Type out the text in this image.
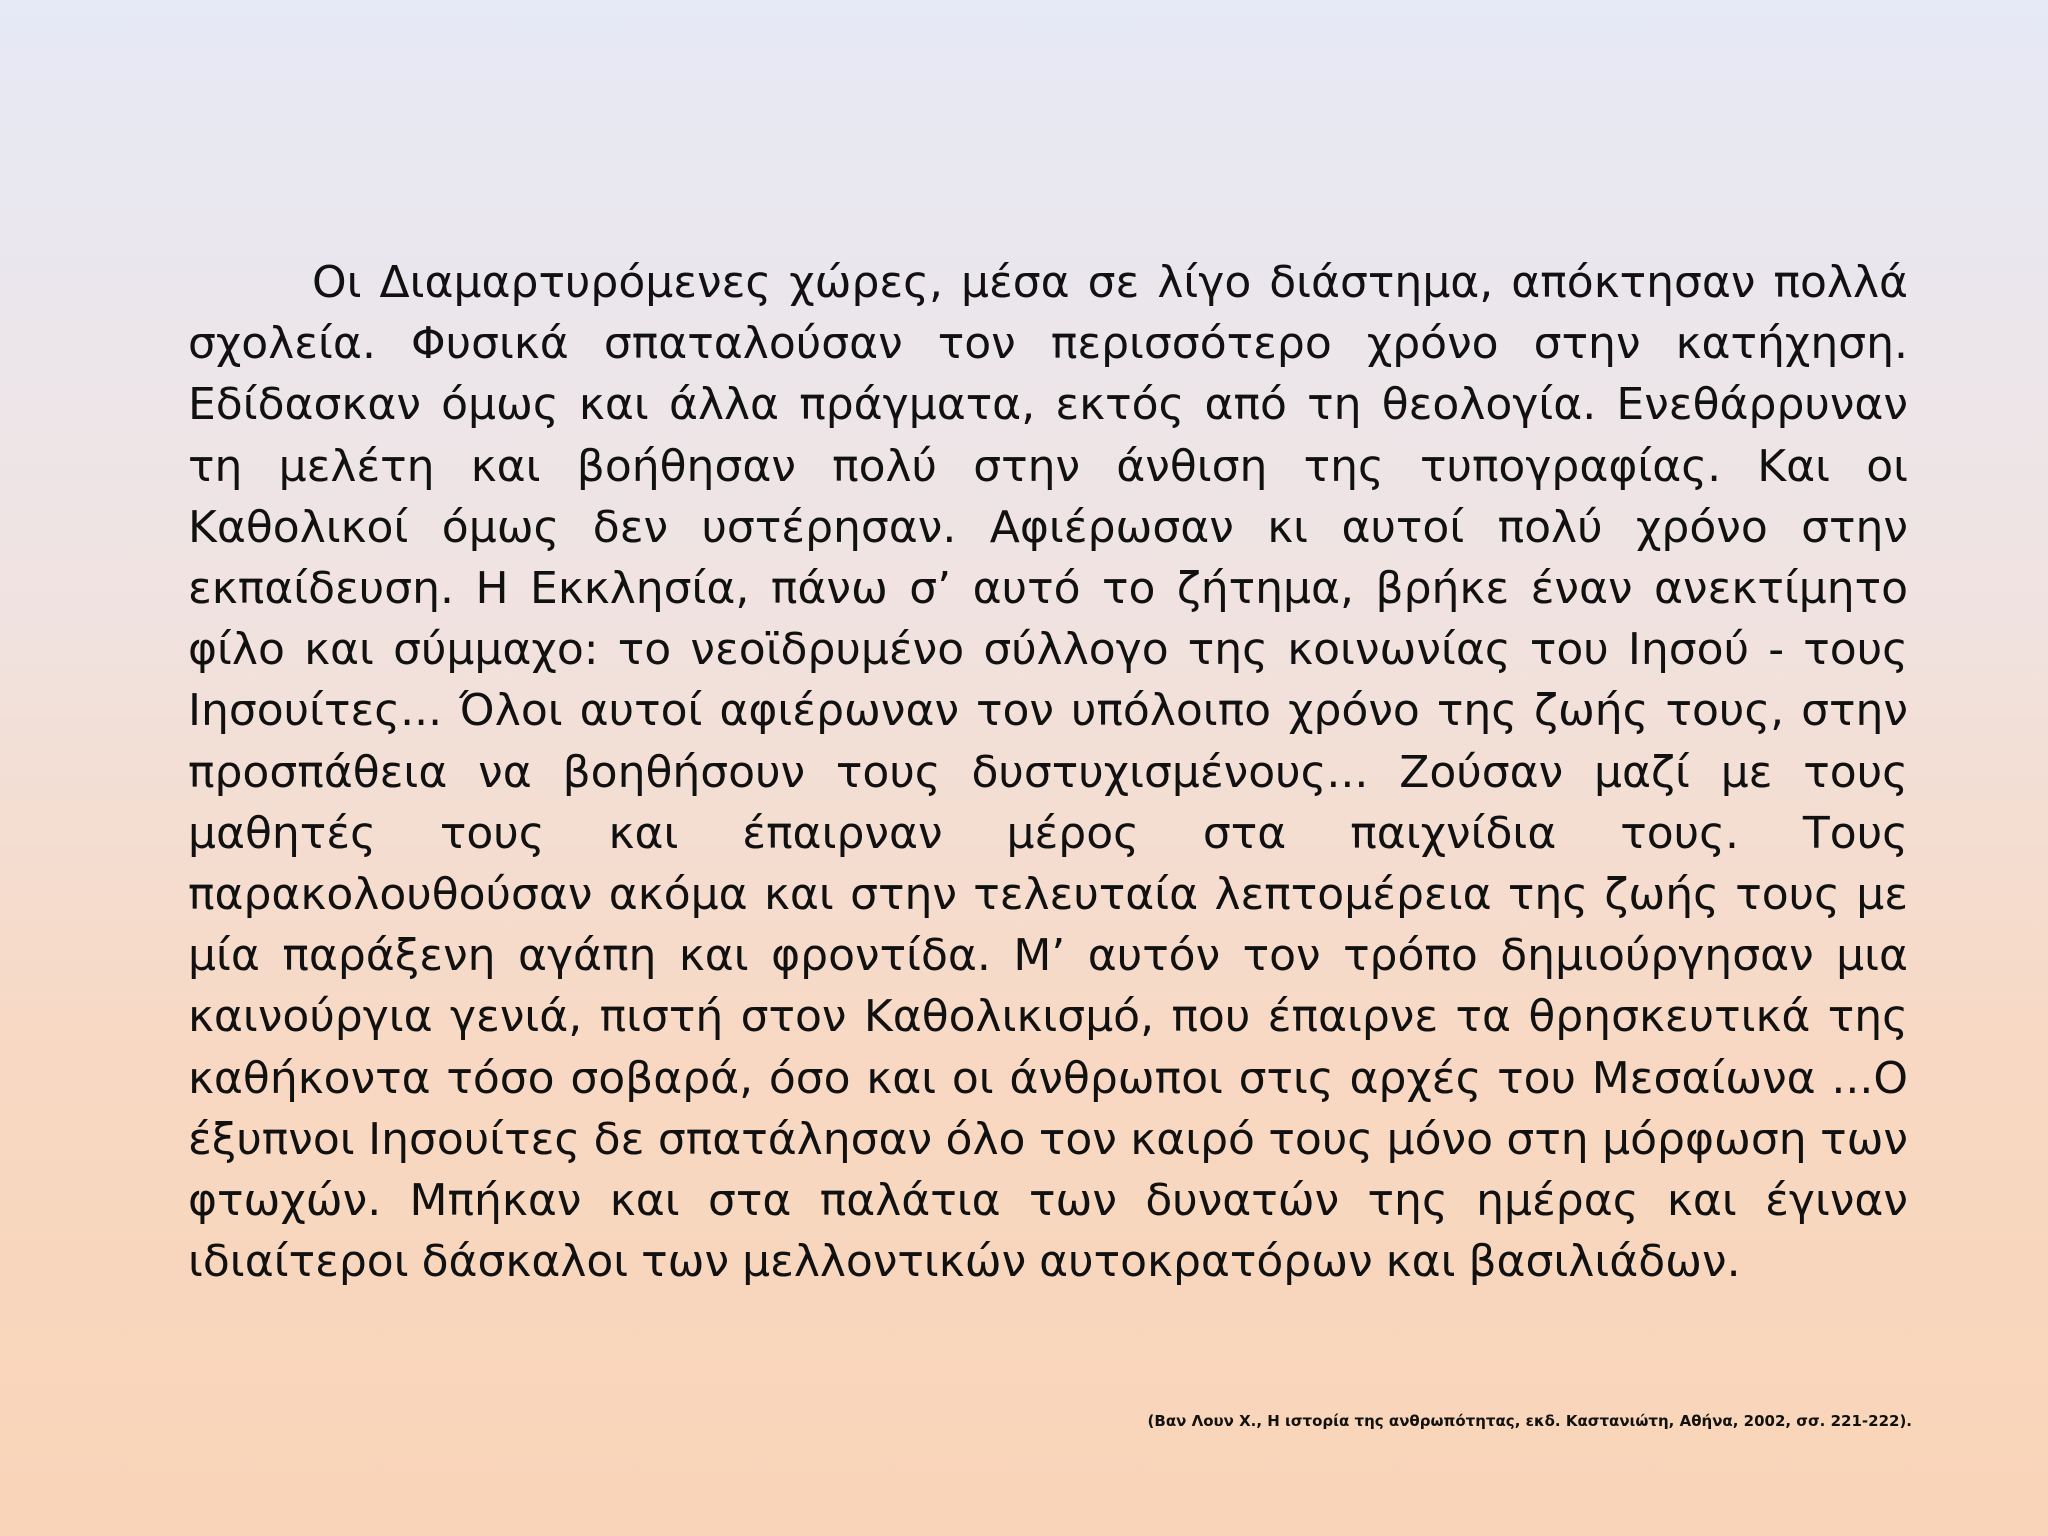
Οι Διαμαρτυρόμενες χώρες, μέσα σε λίγο διάστημα, απόκτησαν πολλά σχολεία. Φυσικά σπαταλούσαν τον περισσότερο χρόνο στην κατήχηση. Εδίδασκαν όμως και άλλα πράγματα, εκτός από τη θεολογία. Ενεθάρρυναν τη μελέτη και βοήθησαν πολύ στην άνθιση της τυπογραφίας. Και οι Καθολικοί όμως δεν υστέρησαν. Αφιέρωσαν κι αυτοί πολύ χρόνο στην εκπαίδευση. Η Εκκλησία, πάνω σ’ αυτό το ζήτημα, βρήκε έναν ανεκτίμητο φίλο και σύμμαχο: το νεοϊδρυμένο σύλλογο της κοινωνίας του Ιησού - τους Ιησουίτες... Όλοι αυτοί αφιέρωναν τον υπόλοιπο χρόνο της ζωής τους, στην προσπάθεια να βοηθήσουν τους δυστυχισμένους... Ζούσαν μαζί με τους μαθητές τους και έπαιρναν μέρος στα παιχνίδια τους. Τους παρακολουθούσαν ακόμα και στην τελευταία λεπτομέρεια της ζωής τους με μία παράξενη αγάπη και φροντίδα. Μ’ αυτόν τον τρόπο δημιούργησαν μια καινούργια γενιά, πιστή στον Καθολικισμό, που έπαιρνε τα θρησκευτικά της καθήκοντα τόσο σοβαρά, όσο και οι άνθρωποι στις αρχές του Μεσαίωνα ...Ο έξυπνοι Ιησουίτες δε σπατάλησαν όλο τον καιρό τους μόνο στη μόρφωση των φτωχών. Μπήκαν και στα παλάτια των δυνατών της ημέρας και έγιναν ιδιαίτεροι δάσκαλοι των μελλοντικών αυτοκρατόρων και βασιλιάδων.

(Βαν Λουν Χ., Η ιστορία της ανθρωπότητας, εκδ. Καστανιώτη, Αθήνα, 2002, σσ. 221-222).
